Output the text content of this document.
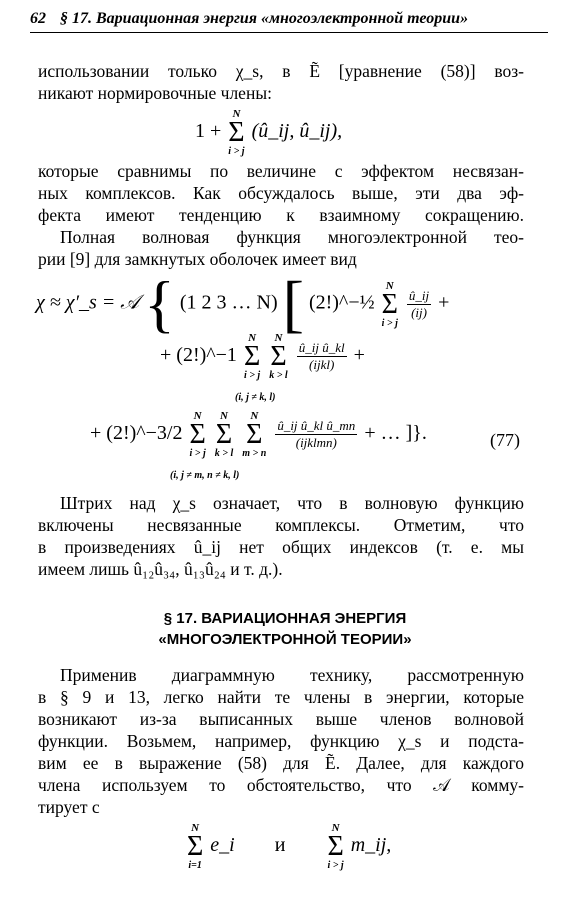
62 § 17. Вариационная энергия «многоэлектронной теории»
использовании только χ_s, в Ẽ [уравнение (58)] воз-
никают нормировочные члены:
1 +
N
Σ
i > j
(û_ij, û_ij),
которые сравнимы по величине с эффектом несвязан-
ных комплексов. Как обсуждалось выше, эти два эф-
фекта имеют тенденцию к взаимному сокращению.
Полная волновая функция многоэлектронной тео-
рии [9] для замкнутых оболочек имеет вид
χ ≈ χ′_s = 𝒜 { (1 2 3 … N) [ (2!)^−½
N
Σ
i > j

$\frac{û\_ij}{(ij)}$ +
+ (2!)^−1
N
Σ
i > j

N
Σ
k > l

$\frac{\text{û\_ij û\_kl}}{\text{(ijkl)}}$ +
(i, j ≠ k, l)
+ (2!)^−3/2
N
Σ
i > j

N
Σ
k > l

N
Σ
m > n

$\frac{\text{û\_ij û\_kl û\_mn}}{\text{(ijklmn)}}$ + … ]}.
(i, j ≠ m, n ≠ k, l)
(77)
Штрих над χ_s означает, что в волновую функцию
включены несвязанные комплексы. Отметим, что
в произведениях û_ij нет общих индексов (т. е. мы
имеем лишь û₁₂û₃₄, û₁₃û₂₄ и т. д.).
§ 17. ВАРИАЦИОННАЯ ЭНЕРГИЯ
«МНОГОЭЛЕКТРОННОЙ ТЕОРИИ»
Применив диаграммную технику, рассмотренную
в § 9 и 13, легко найти те члены в энергии, которые
возникают из-за выписанных выше членов волновой
функции. Возьмем, например, функцию χ_s и подста-
вим ее в выражение (58) для Ẽ. Далее, для каждого
члена используем то обстоятельство, что 𝒜 комму-
тирует с
N
Σ
i=1
e_i и
N
Σ
i > j
m_ij,
